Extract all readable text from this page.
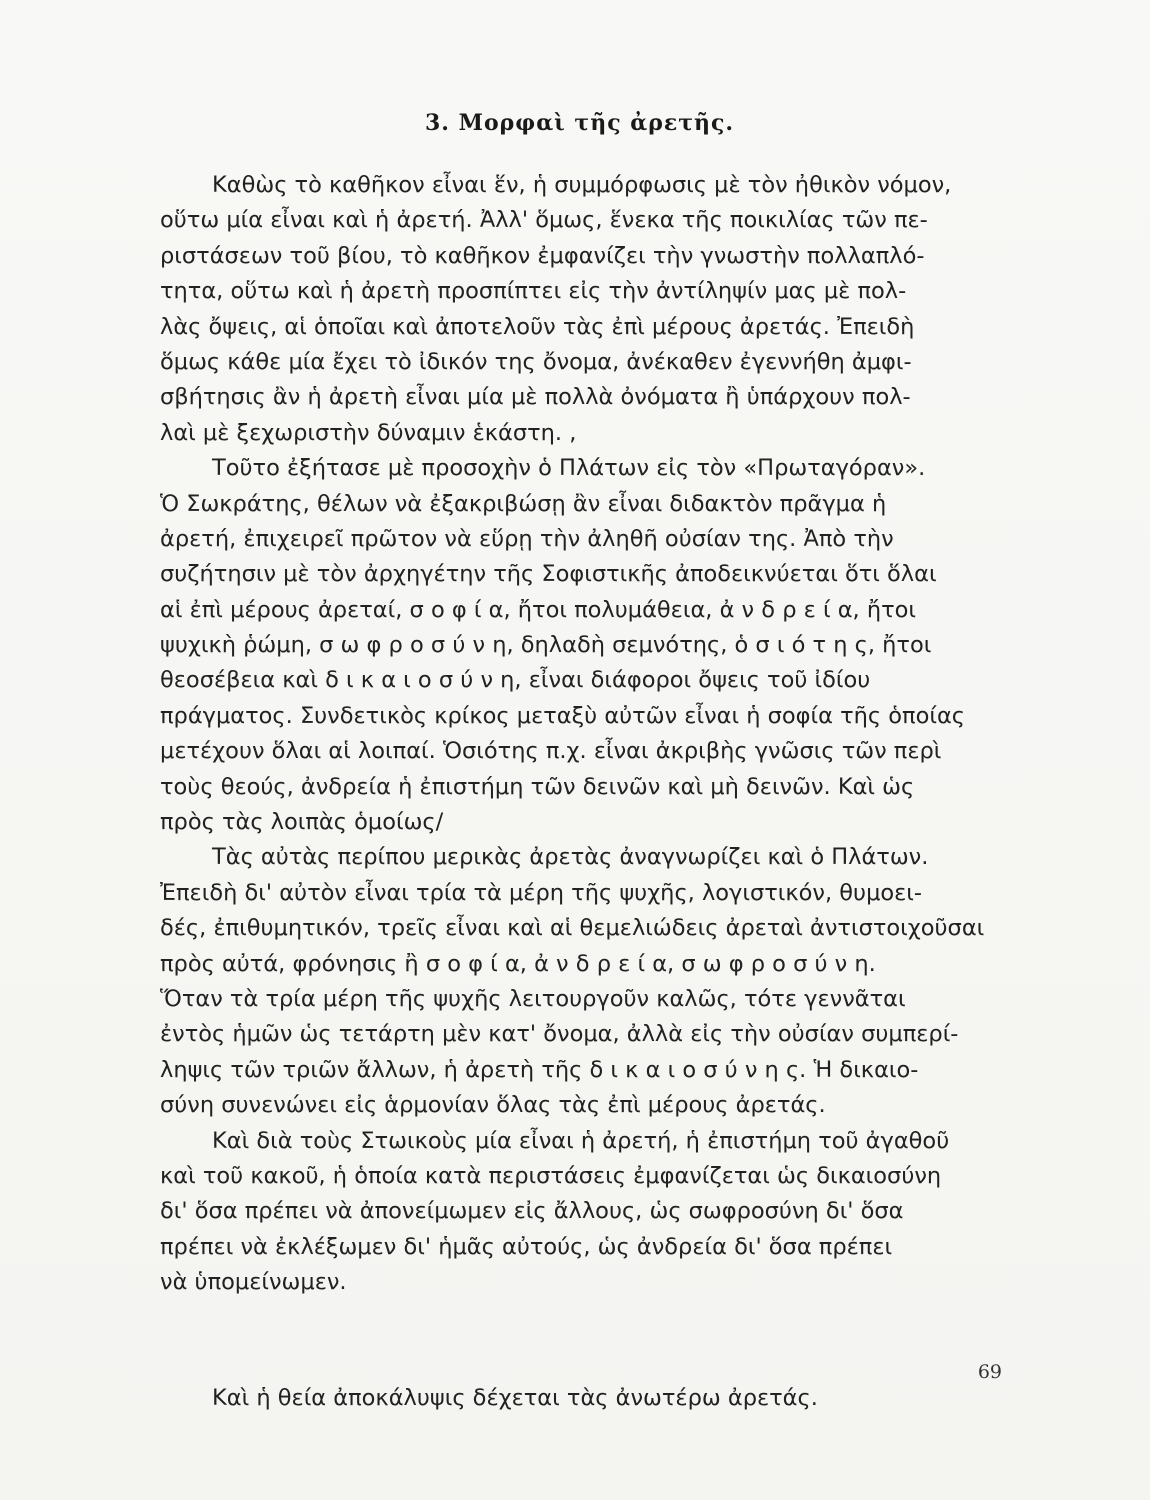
3. Μορφαὶ τῆς ἀρετῆς.
Καθὼς τὸ καθῆκον εἶναι ἕν, ἡ συμμόρφωσις μὲ τὸν ἠθικὸν νόμον,
οὕτω μία εἶναι καὶ ἡ ἀρετή. Ἀλλ' ὅμως, ἕνεκα τῆς ποικιλίας τῶν πε-
ριστάσεων τοῦ βίου, τὸ καθῆκον ἐμφανίζει τὴν γνωστὴν πολλαπλό-
τητα, οὕτω καὶ ἡ ἀρετὴ προσπίπτει εἰς τὴν ἀντίληψίν μας μὲ πολ-
λὰς ὄψεις, αἱ ὁποῖαι καὶ ἀποτελοῦν τὰς ἐπὶ μέρους ἀρετάς. Ἐπειδὴ
ὅμως κάθε μία ἔχει τὸ ἰδικόν της ὄνομα, ἀνέκαθεν ἐγεννήθη ἀμφι-
σβήτησις ἂν ἡ ἀρετὴ εἶναι μία μὲ πολλὰ ὀνόματα ἢ ὑπάρχουν πολ-
λαὶ μὲ ξεχωριστὴν δύναμιν ἑκάστη. ,
Τοῦτο ἐξήτασε μὲ προσοχὴν ὁ Πλάτων εἰς τὸν «Πρωταγόραν».
Ὁ Σωκράτης, θέλων νὰ ἐξακριβώσῃ ἂν εἶναι διδακτὸν πρᾶγμα ἡ
ἀρετή, ἐπιχειρεῖ πρῶτον νὰ εὕρῃ τὴν ἀληθῆ οὐσίαν της. Ἀπὸ τὴν
συζήτησιν μὲ τὸν ἀρχηγέτην τῆς Σοφιστικῆς ἀποδεικνύεται ὅτι ὅλαι
αἱ ἐπὶ μέρους ἀρεταί, σ ο φ ί α, ἤτοι πολυμάθεια, ἀ ν δ ρ ε ί α, ἤτοι
ψυχικὴ ῥώμη, σ ω φ ρ ο σ ύ ν η, δηλαδὴ σεμνότης, ὁ σ ι ό τ η ς, ἤτοι
θεοσέβεια καὶ δ ι κ α ι ο σ ύ ν η, εἶναι διάφοροι ὄψεις τοῦ ἰδίου
πράγματος. Συνδετικὸς κρίκος μεταξὺ αὐτῶν εἶναι ἡ σοφία τῆς ὁποίας
μετέχουν ὅλαι αἱ λοιπαί. Ὁσιότης π.χ. εἶναι ἀκριβὴς γνῶσις τῶν περὶ
τοὺς θεούς, ἀνδρεία ἡ ἐπιστήμη τῶν δεινῶν καὶ μὴ δεινῶν. Καὶ ὡς
πρὸς τὰς λοιπὰς ὁμοίως/
Τὰς αὐτὰς περίπου μερικὰς ἀρετὰς ἀναγνωρίζει καὶ ὁ Πλάτων.
Ἐπειδὴ δι' αὐτὸν εἶναι τρία τὰ μέρη τῆς ψυχῆς, λογιστικόν, θυμοει-
δές, ἐπιθυμητικόν, τρεῖς εἶναι καὶ αἱ θεμελιώδεις ἀρεταὶ ἀντιστοιχοῦσαι
πρὸς αὐτά, φρόνησις ἢ σ ο φ ί α, ἀ ν δ ρ ε ί α, σ ω φ ρ ο σ ύ ν η.
Ὅταν τὰ τρία μέρη τῆς ψυχῆς λειτουργοῦν καλῶς, τότε γεννᾶται
ἐντὸς ἡμῶν ὡς τετάρτη μὲν κατ' ὄνομα, ἀλλὰ εἰς τὴν οὐσίαν συμπερί-
ληψις τῶν τριῶν ἄλλων, ἡ ἀρετὴ τῆς δ ι κ α ι ο σ ύ ν η ς. Ἡ δικαιο-
σύνη συνενώνει εἰς ἁρμονίαν ὅλας τὰς ἐπὶ μέρους ἀρετάς.
Καὶ διὰ τοὺς Στωικοὺς μία εἶναι ἡ ἀρετή, ἡ ἐπιστήμη τοῦ ἀγαθοῦ
καὶ τοῦ κακοῦ, ἡ ὁποία κατὰ περιστάσεις ἐμφανίζεται ὡς δικαιοσύνη
δι' ὅσα πρέπει νὰ ἀπονείμωμεν εἰς ἄλλους, ὡς σωφροσύνη δι' ὅσα
πρέπει νὰ ἐκλέξωμεν δι' ἡμᾶς αὐτούς, ὡς ἀνδρεία δι' ὅσα πρέπει
νὰ ὑπομείνωμεν.
Καὶ ἡ θεία ἀποκάλυψις δέχεται τὰς ἀνωτέρω ἀρετάς.
69
